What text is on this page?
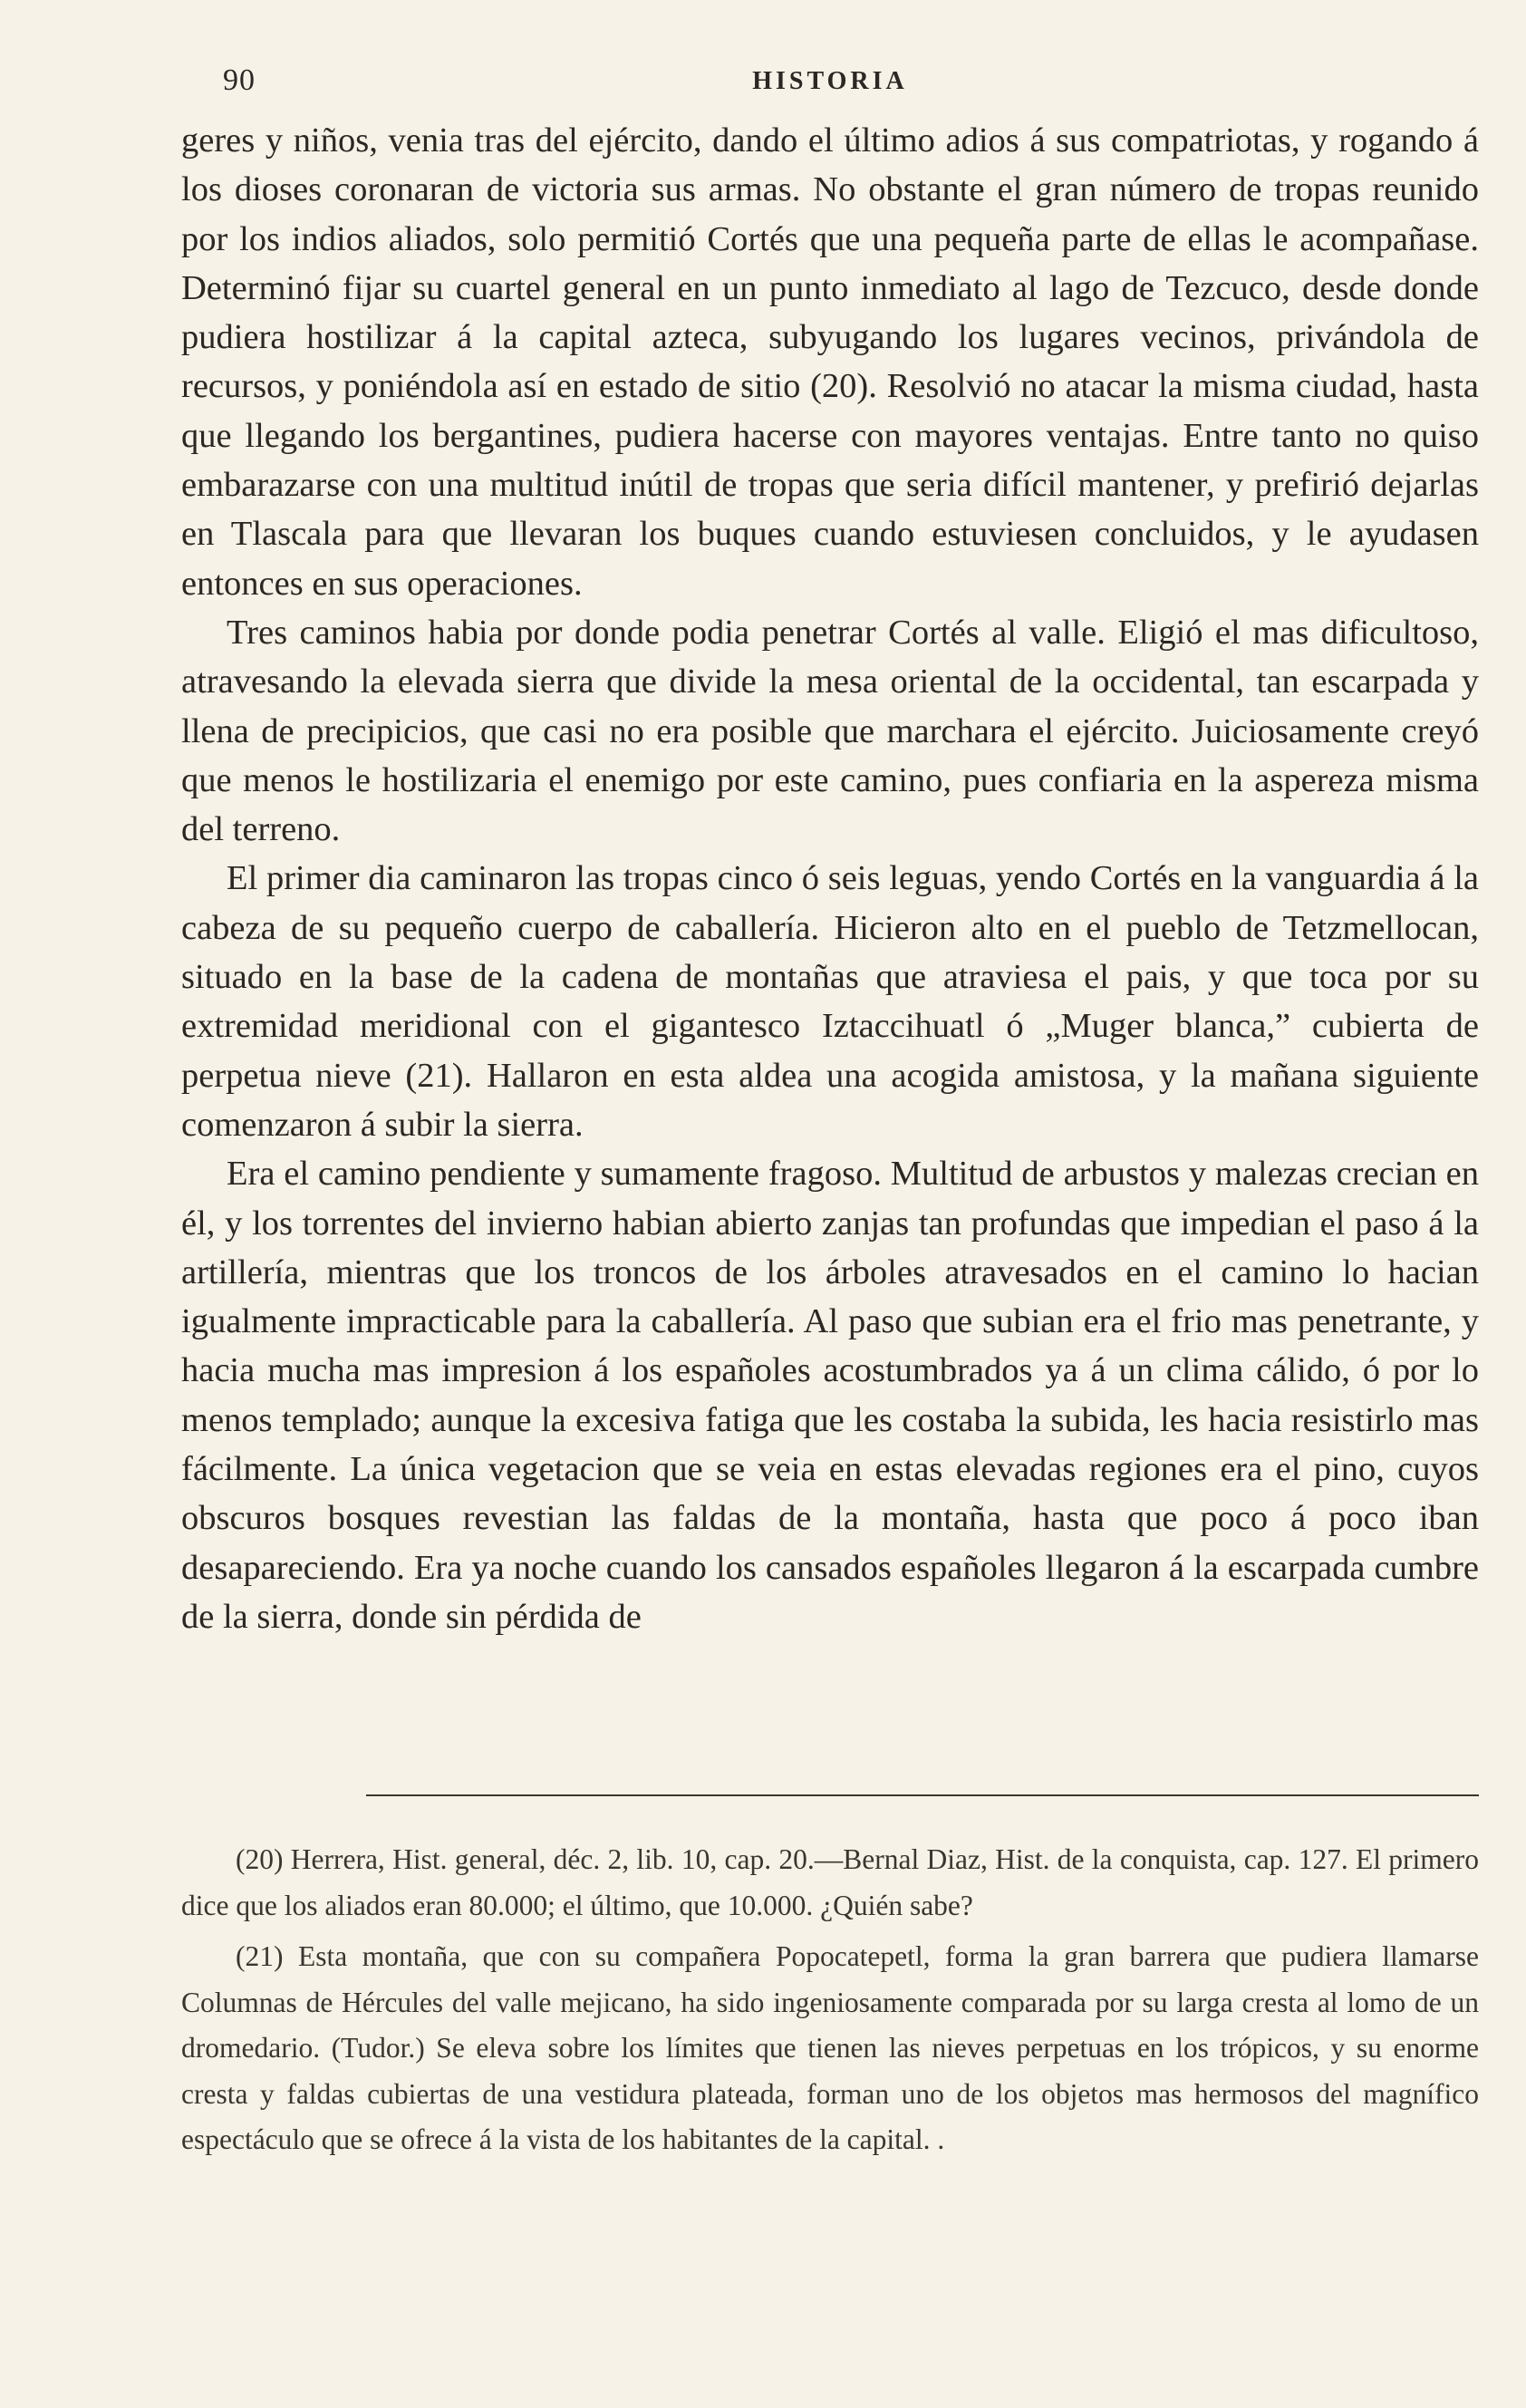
90	HISTORIA

geres y niños, venia tras del ejército, dando el último adios á sus compatriotas, y rogando á los dioses coronaran de victoria sus armas. No obstante el gran número de tropas reunido por los indios aliados, solo permitió Cortés que una pequeña parte de ellas le acompañase. Determinó fijar su cuartel general en un punto inmediato al lago de Tezcuco, desde donde pudiera hostilizar á la capital azteca, subyugando los lugares vecinos, privándola de recursos, y poniéndola así en estado de sitio (20). Resolvió no atacar la misma ciudad, hasta que llegando los bergantines, pudiera hacerse con mayores ventajas. Entre tanto no quiso embarazarse con una multitud inútil de tropas que seria difícil mantener, y prefirió dejarlas en Tlascala para que llevaran los buques cuando estuviesen concluidos, y le ayudasen entonces en sus operaciones.

Tres caminos habia por donde podia penetrar Cortés al valle. Eligió el mas dificultoso, atravesando la elevada sierra que divide la mesa oriental de la occidental, tan escarpada y llena de precipicios, que casi no era posible que marchara el ejército. Juiciosamente creyó que menos le hostilizaria el enemigo por este camino, pues confiaria en la aspereza misma del terreno.

El primer dia caminaron las tropas cinco ó seis leguas, yendo Cortés en la vanguardia á la cabeza de su pequeño cuerpo de caballería. Hicieron alto en el pueblo de Tetzmellocan, situado en la base de la cadena de montañas que atraviesa el pais, y que toca por su extremidad meridional con el gigantesco Iztaccihuatl ó „Muger blanca,” cubierta de perpetua nieve (21). Hallaron en esta aldea una acogida amistosa, y la mañana siguiente comenzaron á subir la sierra.

Era el camino pendiente y sumamente fragoso. Multitud de arbustos y malezas crecian en él, y los torrentes del invierno habian abierto zanjas tan profundas que impedian el paso á la artillería, mientras que los troncos de los árboles atravesados en el camino lo hacian igualmente impracticable para la caballería. Al paso que subian era el frio mas penetrante, y hacia mucha mas impresion á los españoles acostumbrados ya á un clima cálido, ó por lo menos templado; aunque la excesiva fatiga que les costaba la subida, les hacia resistirlo mas fácilmente. La única vegetacion que se veia en estas elevadas regiones era el pino, cuyos obscuros bosques revestian las faldas de la montaña, hasta que poco á poco iban desapareciendo. Era ya noche cuando los cansados españoles llegaron á la escarpada cumbre de la sierra, donde sin pérdida de

(20) Herrera, Hist. general, déc. 2, lib. 10, cap. 20.—Bernal Diaz, Hist. de la conquista, cap. 127. El primero dice que los aliados eran 80.000; el último, que 10.000. ¿Quién sabe?

(21) Esta montaña, que con su compañera Popocatepetl, forma la gran barrera que pudiera llamarse Columnas de Hércules del valle mejicano, ha sido ingeniosamente comparada por su larga cresta al lomo de un dromedario. (Tudor.) Se eleva sobre los límites que tienen las nieves perpetuas en los trópicos, y su enorme cresta y faldas cubiertas de una vestidura plateada, forman uno de los objetos mas hermosos del magnífico espectáculo que se ofrece á la vista de los habitantes de la capital. .
